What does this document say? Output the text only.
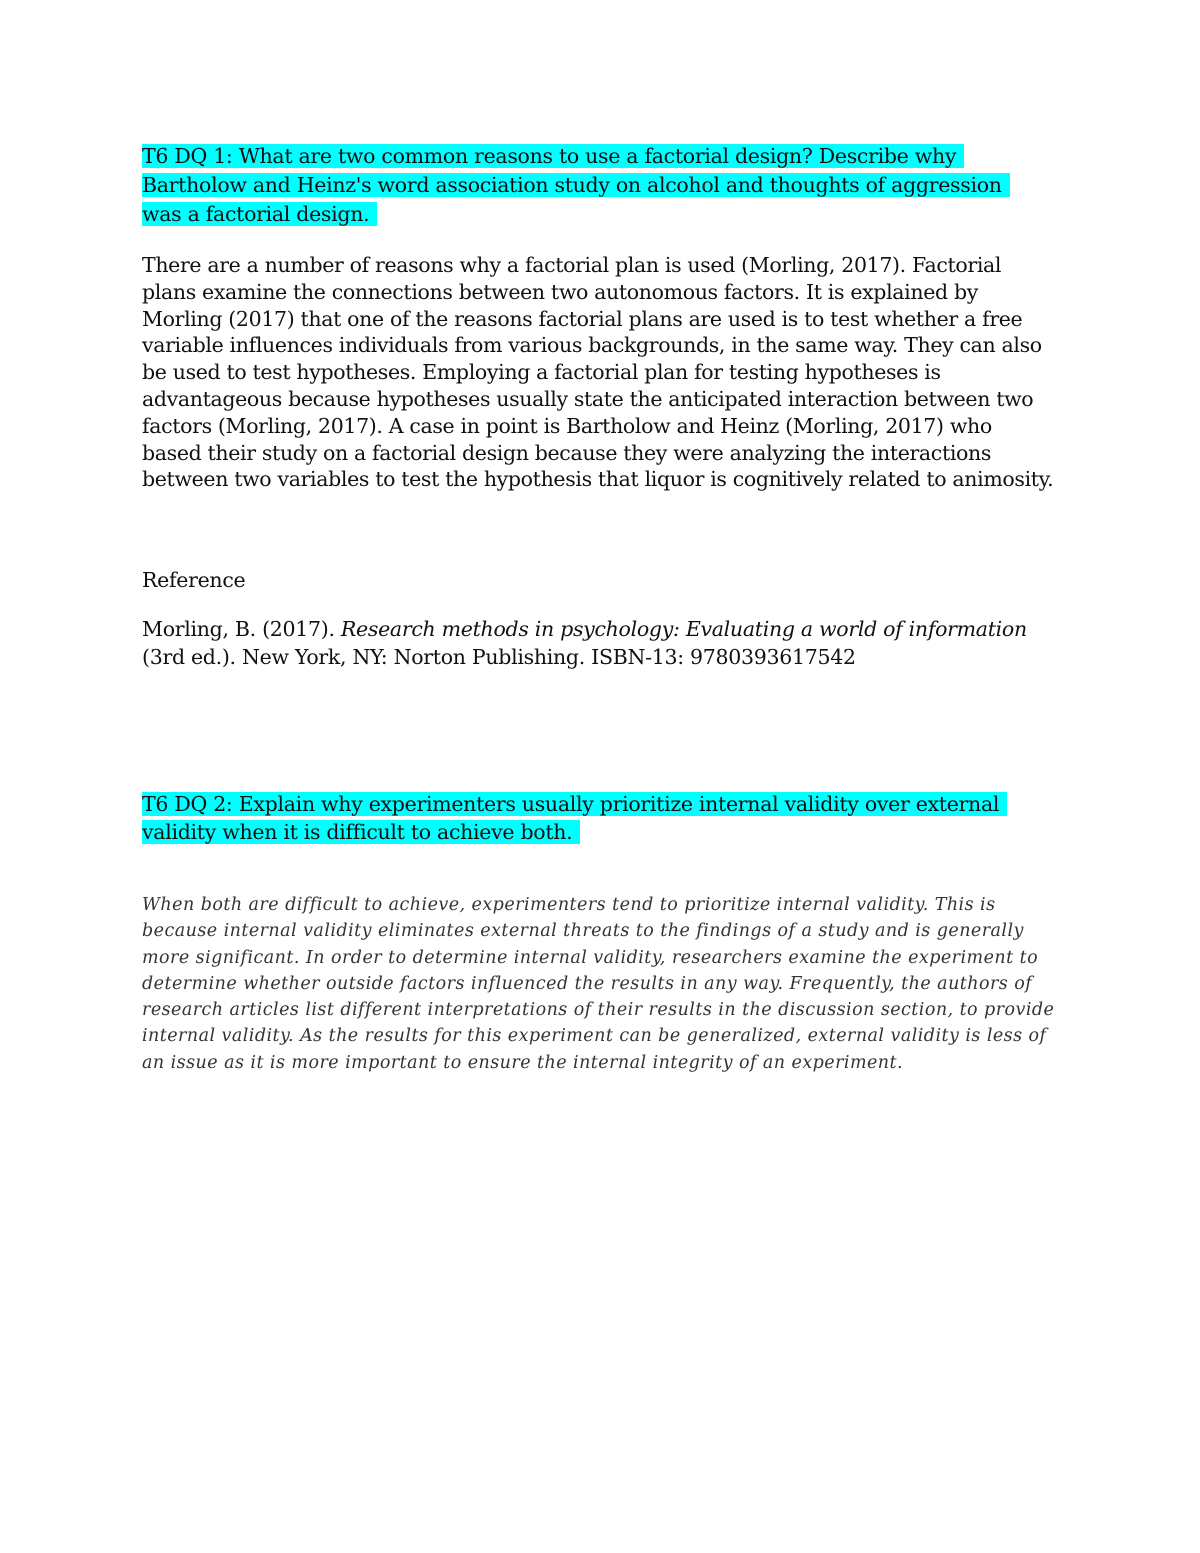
T6 DQ 1: What are two common reasons to use a factorial design? Describe why Bartholow and Heinz's word association study on alcohol and thoughts of aggression was a factorial design.

There are a number of reasons why a factorial plan is used (Morling, 2017). Factorial plans examine the connections between two autonomous factors. It is explained by Morling (2017) that one of the reasons factorial plans are used is to test whether a free variable influences individuals from various backgrounds, in the same way. They can also be used to test hypotheses. Employing a factorial plan for testing hypotheses is advantageous because hypotheses usually state the anticipated interaction between two factors (Morling, 2017). A case in point is Bartholow and Heinz (Morling, 2017) who based their study on a factorial design because they were analyzing the interactions between two variables to test the hypothesis that liquor is cognitively related to animosity.

Reference
Morling, B. (2017). Research methods in psychology: Evaluating a world of information (3rd ed.). New York, NY: Norton Publishing. ISBN-13: 9780393617542
T6 DQ 2: Explain why experimenters usually prioritize internal validity over external validity when it is difficult to achieve both.

When both are difficult to achieve, experimenters tend to prioritize internal validity. This is because internal validity eliminates external threats to the findings of a study and is generally more significant. In order to determine internal validity, researchers examine the experiment to determine whether outside factors influenced the results in any way. Frequently, the authors of research articles list different interpretations of their results in the discussion section, to provide internal validity. As the results for this experiment can be generalized, external validity is less of an issue as it is more important to ensure the internal integrity of an experiment.
